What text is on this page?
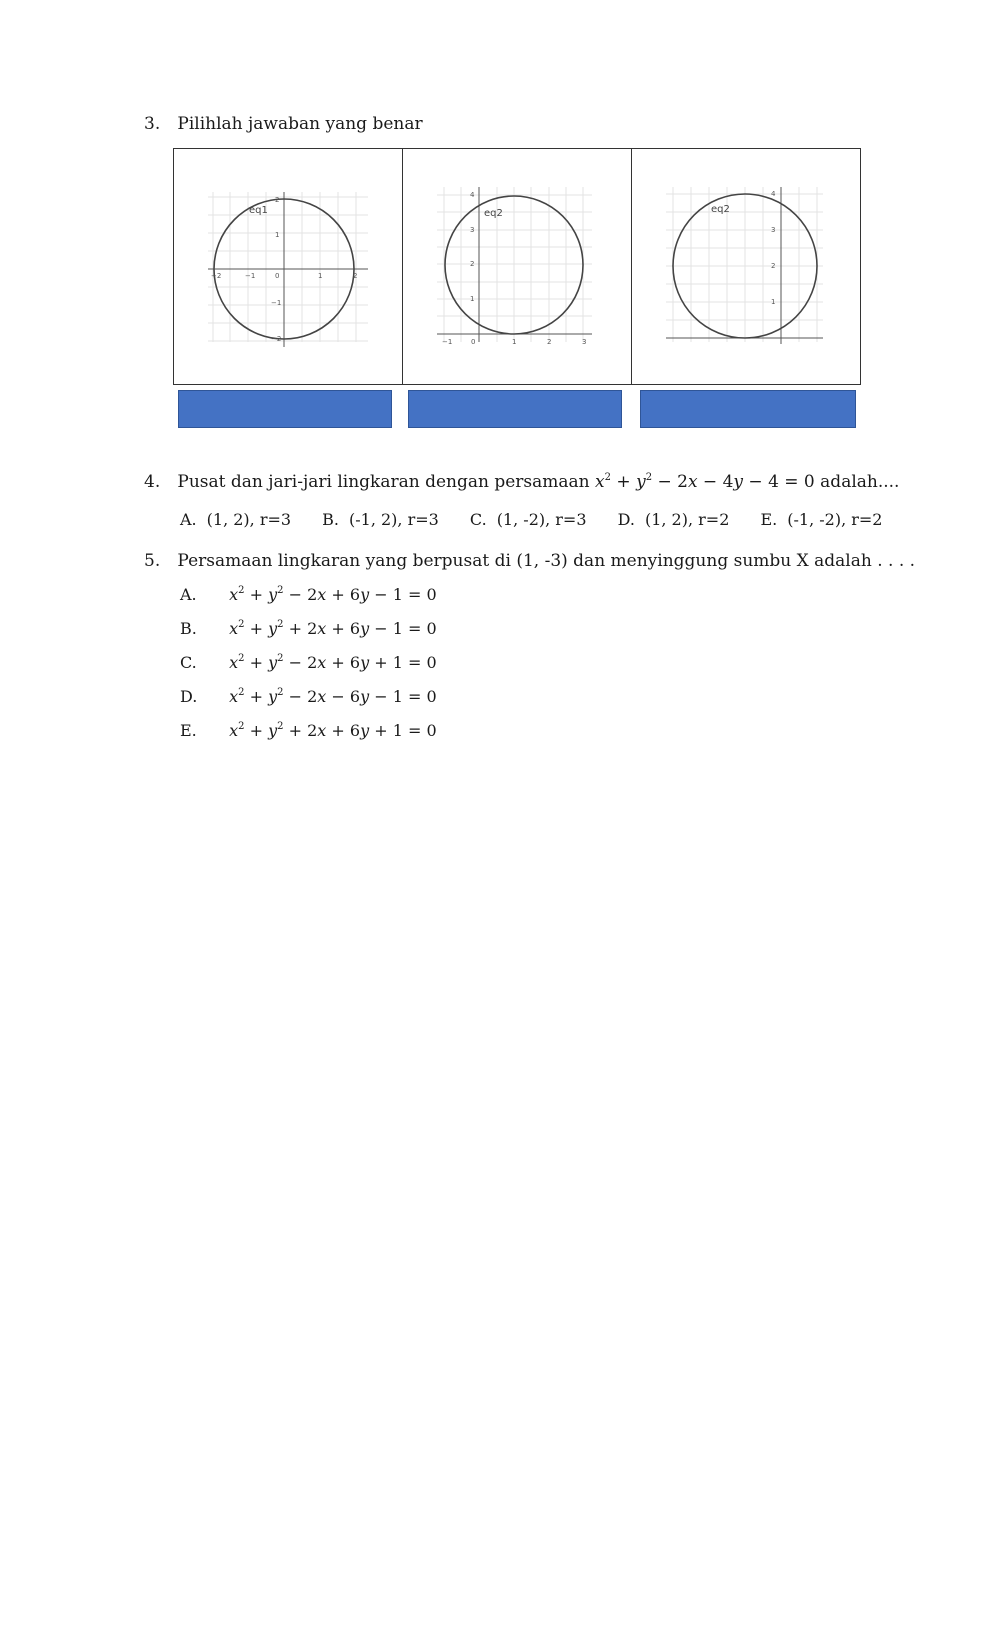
3. Pilihlah jawaban yang benar
eq1
−2	−1	0	1	2
2
1
−1
−2
eq2
−1	0	1	2	3
4
3
2
1
eq2
4
3
2
1
4. Pusat dan jari-jari lingkaran dengan persamaan $x^2 + y^2 - 2x - 4y - 4 = 0$ adalah....
A. (1, 2), r=3 B. (-1, 2), r=3 C. (1, -2), r=3 D. (1, 2), r=2 E. (-1, -2), r=2
5. Persamaan lingkaran yang berpusat di (1, -3) dan menyinggung sumbu X adalah . . . .
A. $x^2 + y^2 - 2x + 6y - 1 = 0$
B. $x^2 + y^2 + 2x + 6y - 1 = 0$
C. $x^2 + y^2 - 2x + 6y + 1 = 0$
D. $x^2 + y^2 - 2x - 6y - 1 = 0$
E. $x^2 + y^2 + 2x + 6y + 1 = 0$
